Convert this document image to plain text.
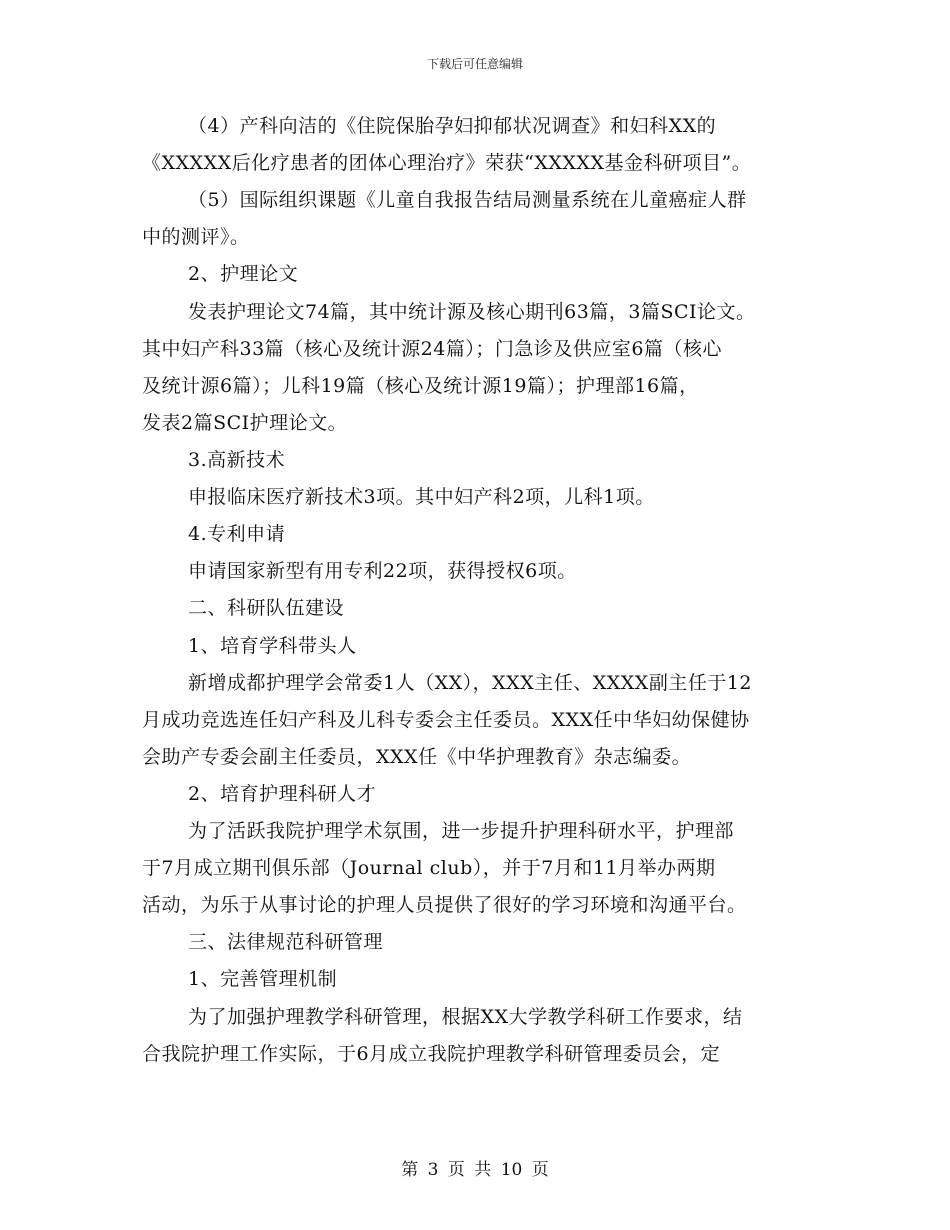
下载后可任意编辑
（4）产科向洁的《住院保胎孕妇抑郁状况调查》和妇科XX的
《XXXXX后化疗患者的团体心理治疗》荣获“XXXXX基金科研项目”。
（5）国际组织课题《儿童自我报告结局测量系统在儿童癌症人群
中的测评》。
2、护理论文
发表护理论文74篇，其中统计源及核心期刊63篇，3篇SCI论文。
其中妇产科33篇（核心及统计源24篇）；门急诊及供应室6篇（核心
及统计源6篇）；儿科19篇（核心及统计源19篇）；护理部16篇，
发表2篇SCI护理论文。
3.高新技术
申报临床医疗新技术3项。其中妇产科2项，儿科1项。
4.专利申请
申请国家新型有用专利22项，获得授权6项。
二、科研队伍建设
1、培育学科带头人
新增成都护理学会常委1人（XX），XXX主任、XXXX副主任于12
月成功竞选连任妇产科及儿科专委会主任委员。XXX任中华妇幼保健协
会助产专委会副主任委员，XXX任《中华护理教育》杂志编委。
2、培育护理科研人才
为了活跃我院护理学术氛围，进一步提升护理科研水平，护理部
于7月成立期刊俱乐部（Journal club），并于7月和11月举办两期
活动，为乐于从事讨论的护理人员提供了很好的学习环境和沟通平台。
三、法律规范科研管理
1、完善管理机制
为了加强护理教学科研管理，根据XX大学教学科研工作要求，结
合我院护理工作实际，于6月成立我院护理教学科研管理委员会，定
第 3 页 共 10 页
